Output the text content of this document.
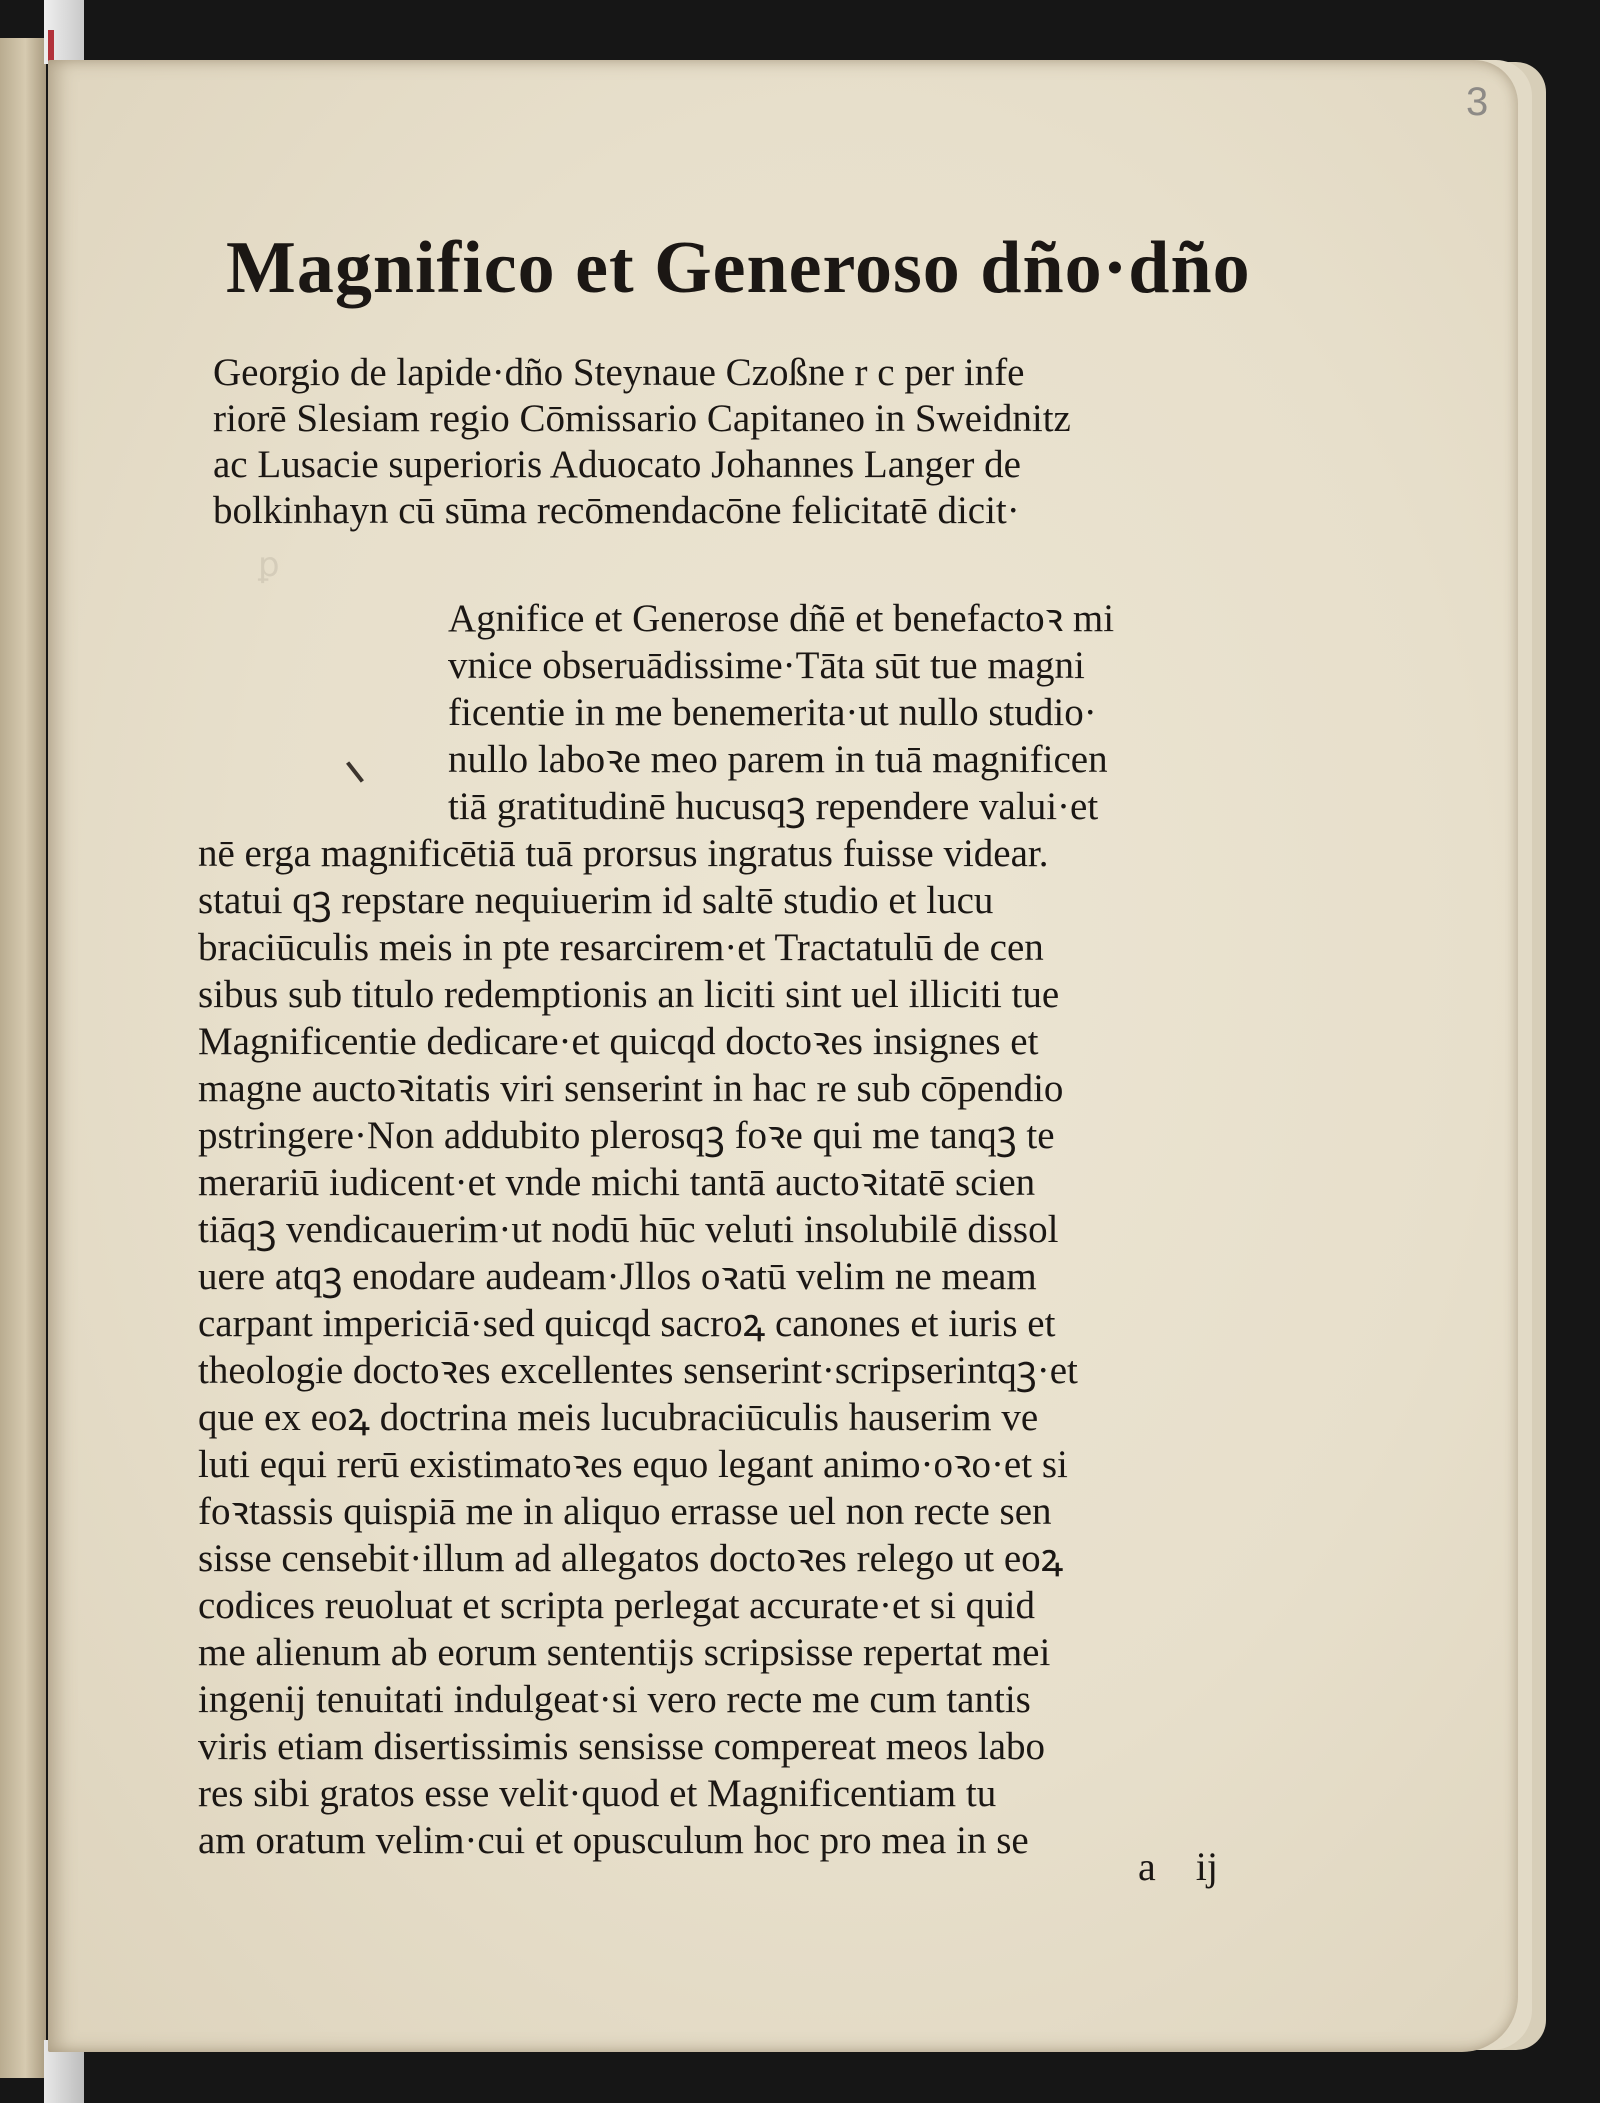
3
Magnifico et Generoso dño·dño
Georgio de lapide·dño Steynaue Czoßne r c per infe
riorē Slesiam regio Cōmissario Capitaneo in Sweidnitz
ac Lusacie superioris Aduocato Johannes Langer de
bolkinhayn cū sūma recōmendacōne felicitatē dicit·
ꝑ
Agnifice et Generose dñē et benefactoꝛ mi
vnice obseruādissime·Tāta sūt tue magni
ficentie in me benemerita·ut nullo studio·
nullo laboꝛe meo parem in tuā magnificen
tiā gratitudinē hucusqꝫ rependere valui·et
nē erga magnificētiā tuā prorsus ingratus fuisse videar.
statui qꝫ repstare nequiuerim id saltē studio et lucu
braciūculis meis in pte resarcirem·et Tractatulū de cen
sibus sub titulo redemptionis an liciti sint uel illiciti tue
Magnificentie dedicare·et quicqd doctoꝛes insignes et
magne auctoꝛitatis viri senserint in hac re sub cōpendio
pstringere·Non addubito plerosqꝫ foꝛe qui me tanqꝫ te
merariū iudicent·et vnde michi tantā auctoꝛitatē scien
tiāqꝫ vendicauerim·ut nodū hūc veluti insolubilē dissol
uere atqꝫ enodare audeam·Jllos oꝛatū velim ne meam
carpant impericiā·sed quicqd sacroꝝ canones et iuris et
theologie doctoꝛes excellentes senserint·scripserintqꝫ·et
que ex eoꝝ doctrina meis lucubraciūculis hauserim ve
luti equi rerū existimatoꝛes equo legant animo·oꝛo·et si
foꝛtassis quispiā me in aliquo errasse uel non recte sen
sisse censebit·illum ad allegatos doctoꝛes relego ut eoꝝ
codices reuoluat et scripta perlegat accurate·et si quid
me alienum ab eorum sententijs scripsisse repertat mei
ingenij tenuitati indulgeat·si vero recte me cum tantis
viris etiam disertissimis sensisse compereat meos labo
res sibi gratos esse velit·quod et Magnificentiam tu
am oratum velim·cui et opusculum hoc pro mea in se
a ij
